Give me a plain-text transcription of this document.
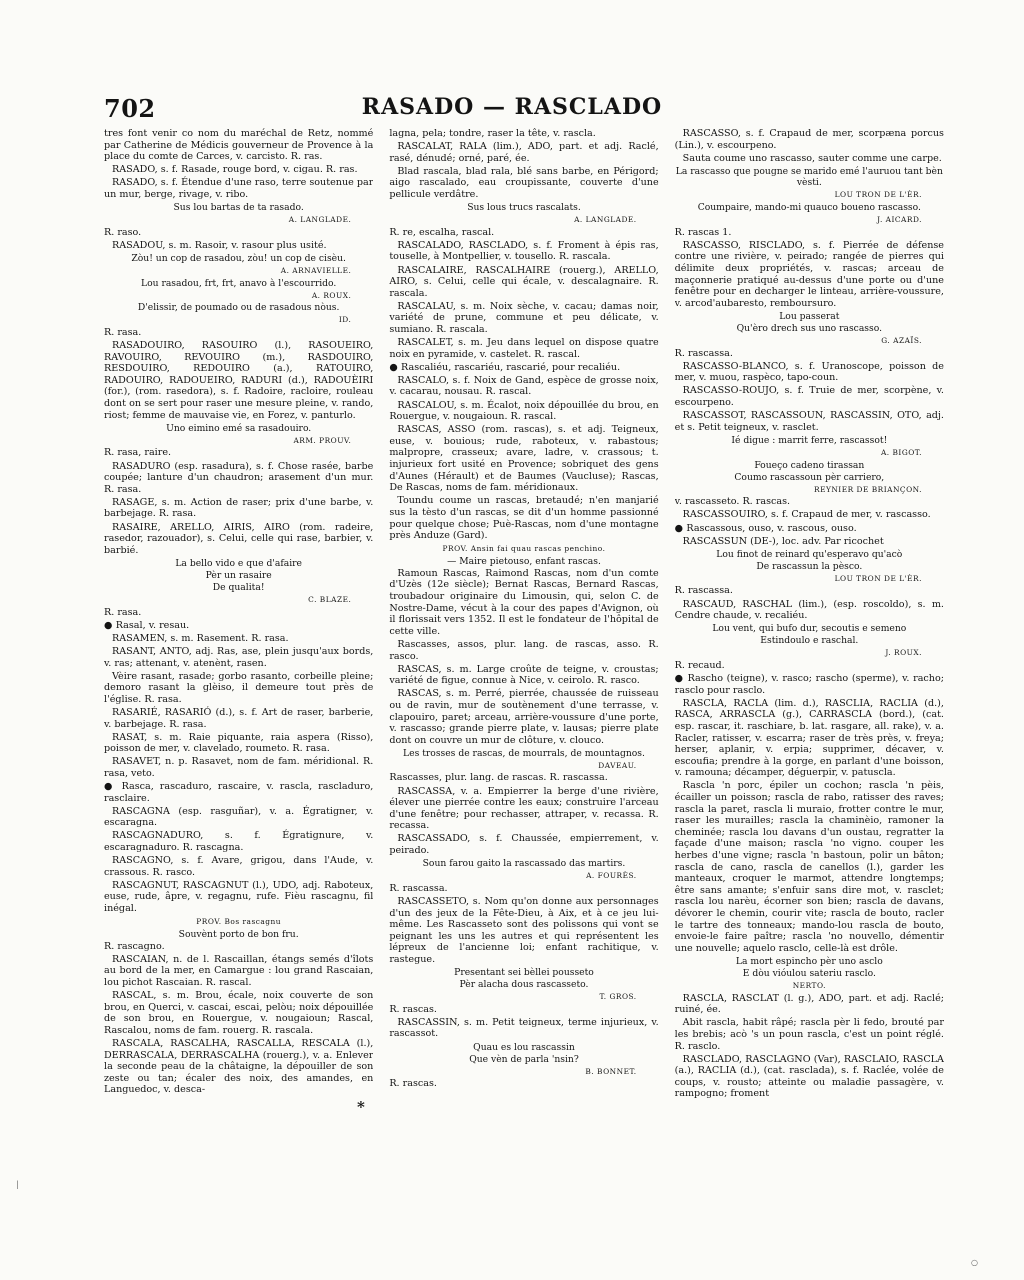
702	RASADO — RASCLADO
tres font venir co nom du maréchal de Retz, nommé par Catherine de Médicis gouverneur de Provence à la place du comte de Carces, v. carcisto. R. ras.
RASADO, s. f. Rasade, rouge bord, v. cigau. R. ras.
RASADO, s. f. Étendue d'une raso, terre soutenue par un mur, berge, rivage, v. ribo.
Sus lou bartas de ta rasado.
A. LANGLADE.
R. raso.
RASADOU, s. m. Rasoir, v. rasour plus usité.
Zòu! un cop de rasadou, zòu! un cop de cisèu.
A. ARNAVIELLE.
Lou rasadou, frt, frt, anavo à l'escourrido.
A. ROUX.
D'elissir, de poumado ou de rasadous nòus.
ID.
R. rasa.
RASADOUIRO, RASOUIRO (l.), RASOUEIRO, RAVOUIRO, REVOUIRO (m.), RASDOUIRO, RESDOUIRO, REDOUIRO (a.), RATOUIRO, RADOUIRO, RADOUEIRO, RADURI (d.), RADOUÈIRI (for.), (rom. rasedora), s. f. Radoire, racloire, rouleau dont on se sert pour raser une mesure pleine, v. rando, riost; femme de mauvaise vie, en Forez, v. panturlo.
Uno eimino emé sa rasadouiro.
ARM. PROUV.
R. rasa, raire.
RASADURO (esp. rasadura), s. f. Chose rasée, barbe coupée; lanture d'un chaudron; arasement d'un mur. R. rasa.
RASAGE, s. m. Action de raser; prix d'une barbe, v. barbejage. R. rasa.
RASAIRE, ARELLO, AIRIS, AIRO (rom. radeire, rasedor, razouador), s. Celui, celle qui rase, barbier, v. barbié.
La bello vido e que d'afaire
Pèr un rasaire
De qualita!
C. BLAZE.
R. rasa.
● Rasal, v. resau.
RASAMEN, s. m. Rasement. R. rasa.
RASANT, ANTO, adj. Ras, ase, plein jusqu'aux bords, v. ras; attenant, v. atenènt, rasen.
Vèire rasant, rasade; gorbo rasanto, corbeille pleine; demoro rasant la glèiso, il demeure tout près de l'église. R. rasa.
RASARIÉ, RASARIÓ (d.), s. f. Art de raser, barberie, v. barbejage. R. rasa.
RASAT, s. m. Raie piquante, raia aspera (Risso), poisson de mer, v. clavelado, roumeto. R. rasa.
RASAVET, n. p. Rasavet, nom de fam. méridional. R. rasa, veto.
● Rasca, rascaduro, rascaire, v. rascla, rascladuro, rasclaire.
RASCAGNA (esp. rasguñar), v. a. Égratigner, v. escaragna.
RASCAGNADURO, s. f. Égratignure, v. escaragnaduro. R. rascagna.
RASCAGNO, s. f. Avare, grigou, dans l'Aude, v. crassous. R. rasco.
RASCAGNUT, RASCAGNUT (l.), UDO, adj. Raboteux, euse, rude, âpre, v. regagnu, rufe. Fièu rascagnu, fil inégal.
PROV. Bos rascagnu
Souvènt porto de bon fru.
R. rascagno.
RASCAIAN, n. de l. Rascaillan, étangs semés d'îlots au bord de la mer, en Camargue : lou grand Rascaian, lou pichot Rascaian. R. rascal.
RASCAL, s. m. Brou, écale, noix couverte de son brou, en Querci, v. cascai, escai, pelòu; noix dépouillée de son brou, en Rouergue, v. nougaioun; Rascal, Rascalou, noms de fam. rouerg. R. rascala.
RASCALA, RASCALHA, RASCALLA, RESCALA (l.), DERRASCALA, DERRASCALHA (rouerg.), v. a. Enlever la seconde peau de la châtaigne, la dépouiller de son zeste ou tan; écaler des noix, des amandes, en Languedoc, v. desca-
lagna, pela; tondre, raser la tête, v. rascla.
RASCALAT, RALA (lim.), ADO, part. et adj. Raclé, rasé, dénudé; orné, paré, ée.
Blad rascala, blad rala, blé sans barbe, en Périgord; aigo rascalado, eau croupissante, couverte d'une pellicule verdâtre.
Sus lous trucs rascalats.
A. LANGLADE.
R. re, escalha, rascal.
RASCALADO, RASCLADO, s. f. Froment à épis ras, touselle, à Montpellier, v. tousello. R. rascala.
RASCALAIRE, RASCALHAIRE (rouerg.), ARELLO, AIRO, s. Celui, celle qui écale, v. descalagnaire. R. rascala.
RASCALAU, s. m. Noix sèche, v. cacau; damas noir, variété de prune, commune et peu délicate, v. sumiano. R. rascala.
RASCALET, s. m. Jeu dans lequel on dispose quatre noix en pyramide, v. castelet. R. rascal.
● Rascaliéu, rascariéu, rascarié, pour recaliéu.
RASCALO, s. f. Noix de Gand, espèce de grosse noix, v. cacarau, nousau. R. rascal.
RASCALOU, s. m. Écalot, noix dépouillée du brou, en Rouergue, v. nougaioun. R. rascal.
RASCAS, ASSO (rom. rascas), s. et adj. Teigneux, euse, v. bouious; rude, raboteux, v. rabastous; malpropre, crasseux; avare, ladre, v. crassous; t. injurieux fort usité en Provence; sobriquet des gens d'Aunes (Hérault) et de Baumes (Vaucluse); Rascas, De Rascas, noms de fam. méridionaux.
Toundu coume un rascas, bretaudé; n'en manjarié sus la tèsto d'un rascas, se dit d'un homme passionné pour quelque chose; Puè-Rascas, nom d'une montagne près Anduze (Gard).
PROV. Ansin fai quau rascas penchino.
— Maire pietouso, enfant rascas.
Ramoun Rascas, Raimond Rascas, nom d'un comte d'Uzès (12e siècle); Bernat Rascas, Bernard Rascas, troubadour originaire du Limousin, qui, selon C. de Nostre-Dame, vécut à la cour des papes d'Avignon, où il florissait vers 1352. Il est le fondateur de l'hôpital de cette ville.
Rascasses, assos, plur. lang. de rascas, asso. R. rasco.
RASCAS, s. m. Large croûte de teigne, v. croustas; variété de figue, connue à Nice, v. ceirolo. R. rasco.
RASCAS, s. m. Perré, pierrée, chaussée de ruisseau ou de ravin, mur de soutènement d'une terrasse, v. clapouiro, paret; arceau, arrière-voussure d'une porte, v. rascasso; grande pierre plate, v. lausas; pierre plate dont on couvre un mur de clôture, v. clouco.
Les trosses de rascas, de mourrals, de mountagnos.
DAVEAU.
Rascasses, plur. lang. de rascas. R. rascassa.
RASCASSA, v. a. Empierrer la berge d'une rivière, élever une pierrée contre les eaux; construire l'arceau d'une fenêtre; pour rechasser, attraper, v. recassa. R. recassa.
RASCASSADO, s. f. Chaussée, empierrement, v. peirado.
Soun farou gaito la rascassado das martirs.
A. FOURÈS.
R. rascassa.
RASCASSETO, s. Nom qu'on donne aux personnages d'un des jeux de la Fête-Dieu, à Aix, et à ce jeu lui-même. Les Rascasseto sont des polissons qui vont se peignant les uns les autres et qui représentent les lépreux de l'ancienne loi; enfant rachitique, v. rastegue.
Presentant sei bèllei pousseto
Pèr alacha dous rascasseto.
T. GROS.
R. rascas.
RASCASSIN, s. m. Petit teigneux, terme injurieux, v. rascassot.
Quau es lou rascassin
Que vèn de parla 'nsin?
B. BONNET.
R. rascas.
RASCASSO, s. f. Crapaud de mer, scorpæna porcus (Lin.), v. escourpeno.
Sauta coume uno rascasso, sauter comme une carpe.
La rascasso que pougne se marido emé l'auruou tant bèn vèsti.
LOU TRON DE L'ÈR.
Coumpaire, mando-mi quauco boueno rascasso.
J. AICARD.
R. rascas 1.
RASCASSO, RISCLADO, s. f. Pierrée de défense contre une rivière, v. peirado; rangée de pierres qui délimite deux propriétés, v. rascas; arceau de maçonnerie pratiqué au-dessus d'une porte ou d'une fenêtre pour en decharger le linteau, arrière-voussure, v. arcod'aubaresto, remboursuro.
Lou passerat
Qu'èro drech sus uno rascasso.
G. AZAÏS.
R. rascassa.
RASCASSO-BLANCO, s. f. Uranoscope, poisson de mer, v. muou, raspèco, tapo-coun.
RASCASSO-ROUJO, s. f. Truie de mer, scorpène, v. escourpeno.
RASCASSOT, RASCASSOUN, RASCASSIN, OTO, adj. et s. Petit teigneux, v. rasclet.
Ié digue : marrit ferre, rascassot!
A. BIGOT.
Foueço cadeno tirassan
Coumo rascassoun pèr carriero,
REYNIER DE BRIANÇON.
v. rascasseto. R. rascas.
RASCASSOUIRO, s. f. Crapaud de mer, v. rascasso.
● Rascassous, ouso, v. rascous, ouso.
RASCASSUN (DE-), loc. adv. Par ricochet
Lou finot de reinard qu'esperavo qu'acò
De rascassun la pèsco.
LOU TRON DE L'ÈR.
R. rascassa.
RASCAUD, RASCHAL (lim.), (esp. roscoldo), s. m. Cendre chaude, v. recaliéu.
Lou vent, qui bufo dur, secoutis e semeno
Estindoulo e raschal.
J. ROUX.
R. recaud.
● Rascho (teigne), v. rasco; rascho (sperme), v. racho; rasclo pour rasclo.
RASCLA, RACLA (lim. d.), RASCLIA, RACLIA (d.), RASCA, ARRASCLA (g.), CARRASCLA (bord.), (cat. esp. rascar, it. raschiare, b. lat. rasgare, all. rake), v. a. Racler, ratisser, v. escarra; raser de très près, v. freya; herser, aplanir, v. erpia; supprimer, décaver, v. escoufia; prendre à la gorge, en parlant d'une boisson, v. ramouna; décamper, déguerpir, v. patuscla.
Rascla 'n porc, épiler un cochon; rascla 'n pèis, écailler un poisson; rascla de rabo, ratisser des raves; rascla la paret, rascla li muraio, frotter contre le mur, raser les murailles; rascla la chaminèio, ramoner la cheminée; rascla lou davans d'un oustau, regratter la façade d'une maison; rascla 'no vigno. couper les herbes d'une vigne; rascla 'n bastoun, polir un bâton; rascla de cano, rascla de canellos (l.), garder les manteaux, croquer le marmot, attendre longtemps; être sans amante; s'enfuir sans dire mot, v. rasclet; rascla lou narèu, écorner son bien; rascla de davans, dévorer le chemin, courir vite; rascla de bouto, racler le tartre des tonneaux; mando-lou rascla de bouto, envoie-le faire paître; rascla 'no nouvello, démentir une nouvelle; aquelo rasclo, celle-là est drôle.
La mort espincho pèr uno asclo
E dòu vióulou sateriu rasclo.
NERTO.
RASCLA, RASCLAT (l. g.), ADO, part. et adj. Raclé; ruiné, ée.
Abit rascla, habit râpé; rascla pèr li fedo, brouté par les brebis; acò 's un poun rascla, c'est un point réglé. R. rasclo.
RASCLADO, RASCLAGNO (Var), RASCLAIO, RASCLA (a.), RACLIA (d.), (cat. rasclada), s. f. Raclée, volée de coups, v. rousto; atteinte ou maladie passagère, v. rampogno; froment
*
○
|
